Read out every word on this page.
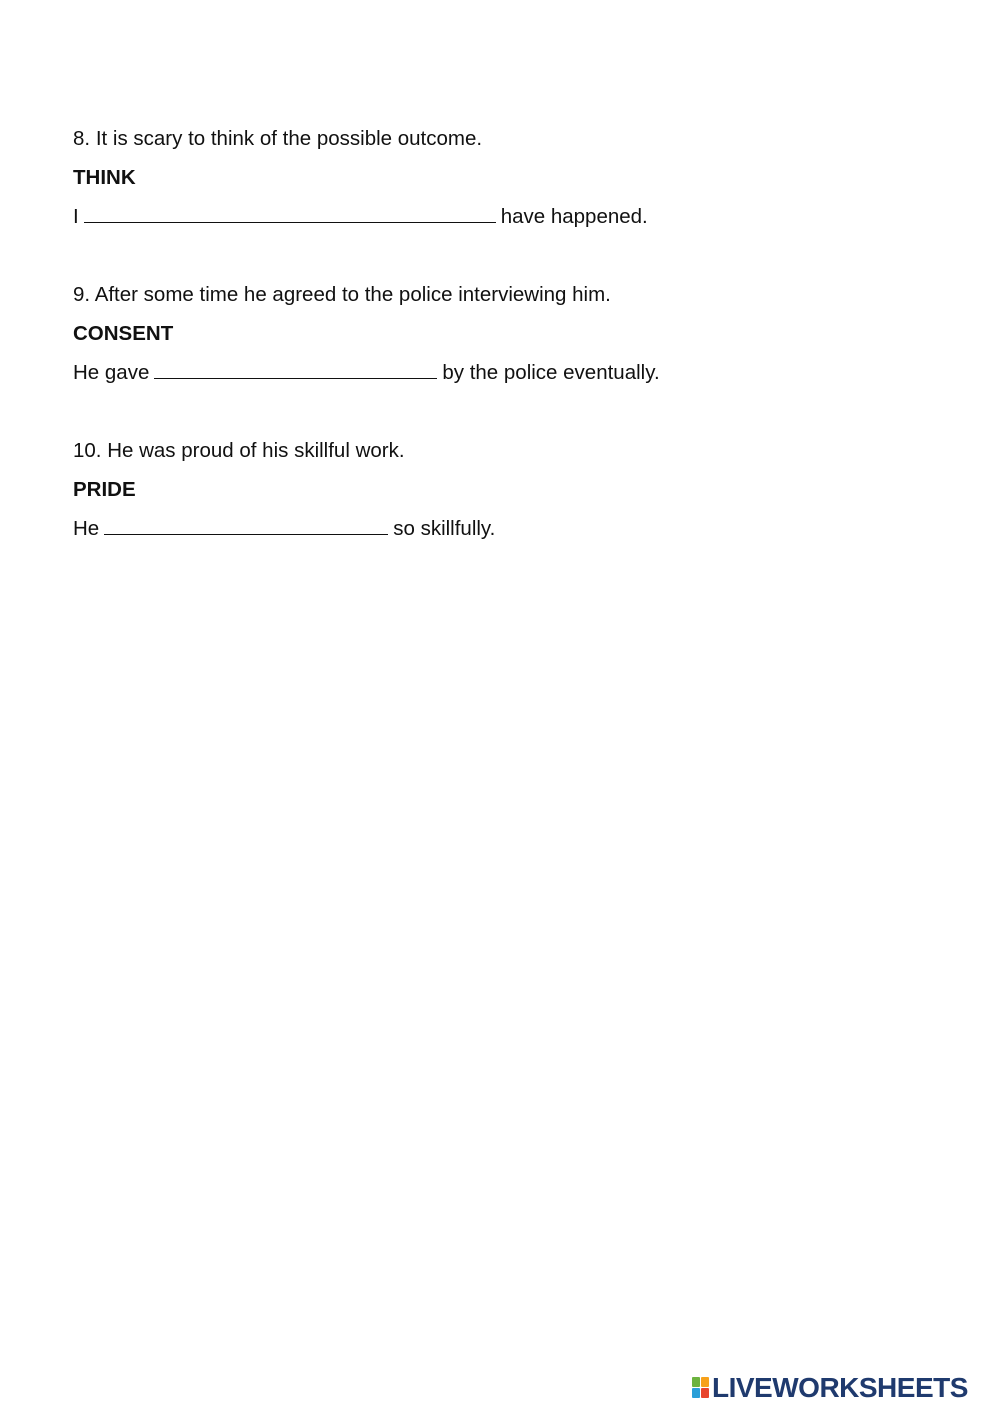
8. It is scary to think of the possible outcome.
THINK
I	have happened.
9. After some time he agreed to the police interviewing him.
CONSENT
He gave	by the police eventually.
10. He was proud of his skillful work.
PRIDE
He	so skillfully.
LIVEWORKSHEETS
